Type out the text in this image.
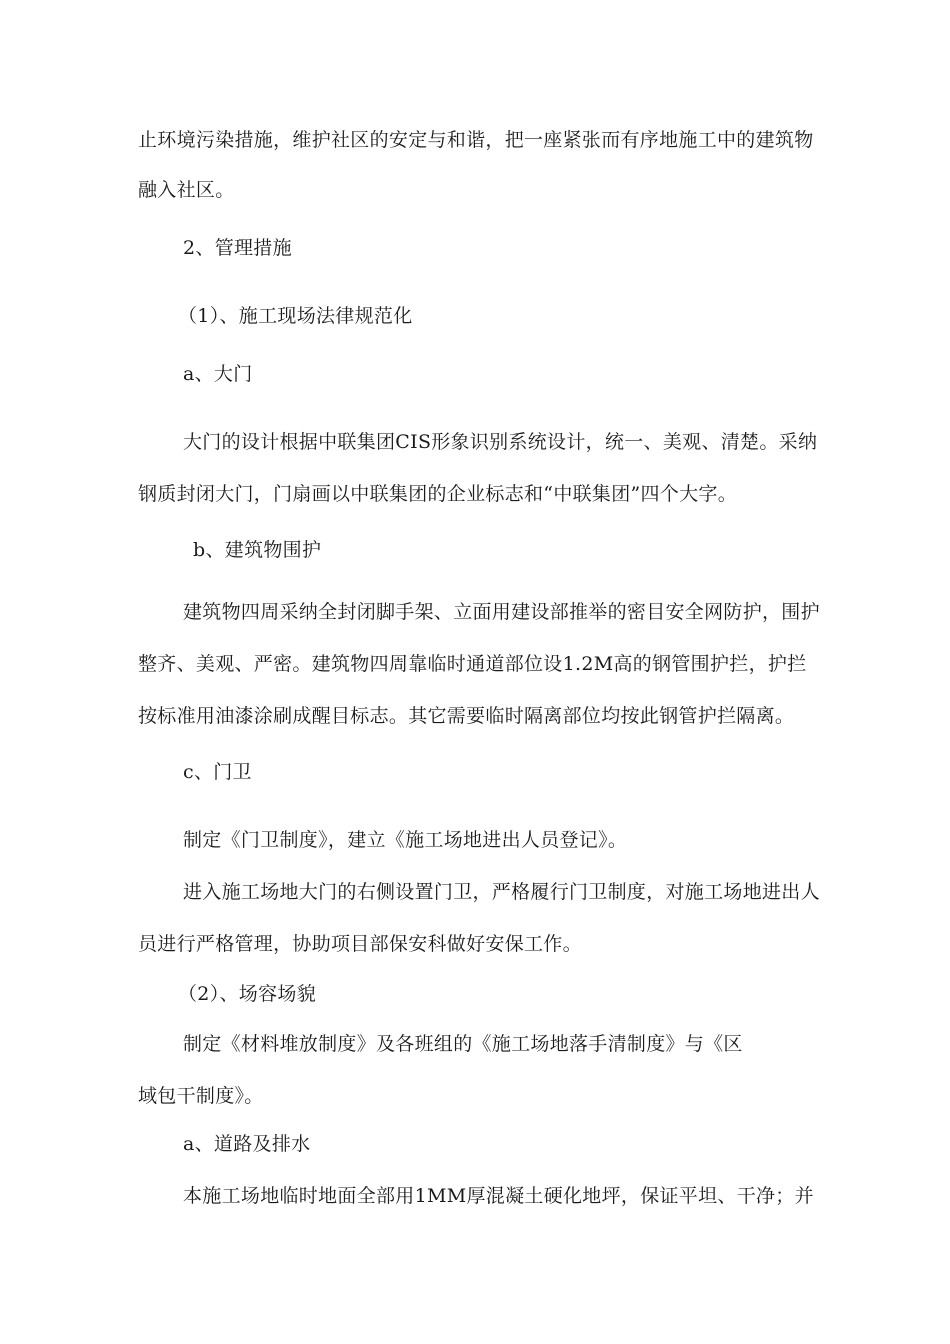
止环境污染措施，维护社区的安定与和谐，把一座紧张而有序地施工中的建筑物
融入社区。
2、管理措施
（1）、施工现场法律规范化
a、大门
大门的设计根据中联集团CIS形象识别系统设计，统一、美观、清楚。采纳
钢质封闭大门，门扇画以中联集团的企业标志和“中联集团”四个大字。
b、建筑物围护
建筑物四周采纳全封闭脚手架、立面用建设部推举的密目安全网防护，围护
整齐、美观、严密。建筑物四周靠临时通道部位设1.2M高的钢管围护拦，护拦
按标准用油漆涂刷成醒目标志。其它需要临时隔离部位均按此钢管护拦隔离。
c、门卫
制定《门卫制度》，建立《施工场地进出人员登记》。
进入施工场地大门的右侧设置门卫，严格履行门卫制度，对施工场地进出人
员进行严格管理，协助项目部保安科做好安保工作。
（2）、场容场貌
制定《材料堆放制度》及各班组的《施工场地落手清制度》与《区
域包干制度》。
a、道路及排水
本施工场地临时地面全部用1MM厚混凝土硬化地坪，保证平坦、干净；并
